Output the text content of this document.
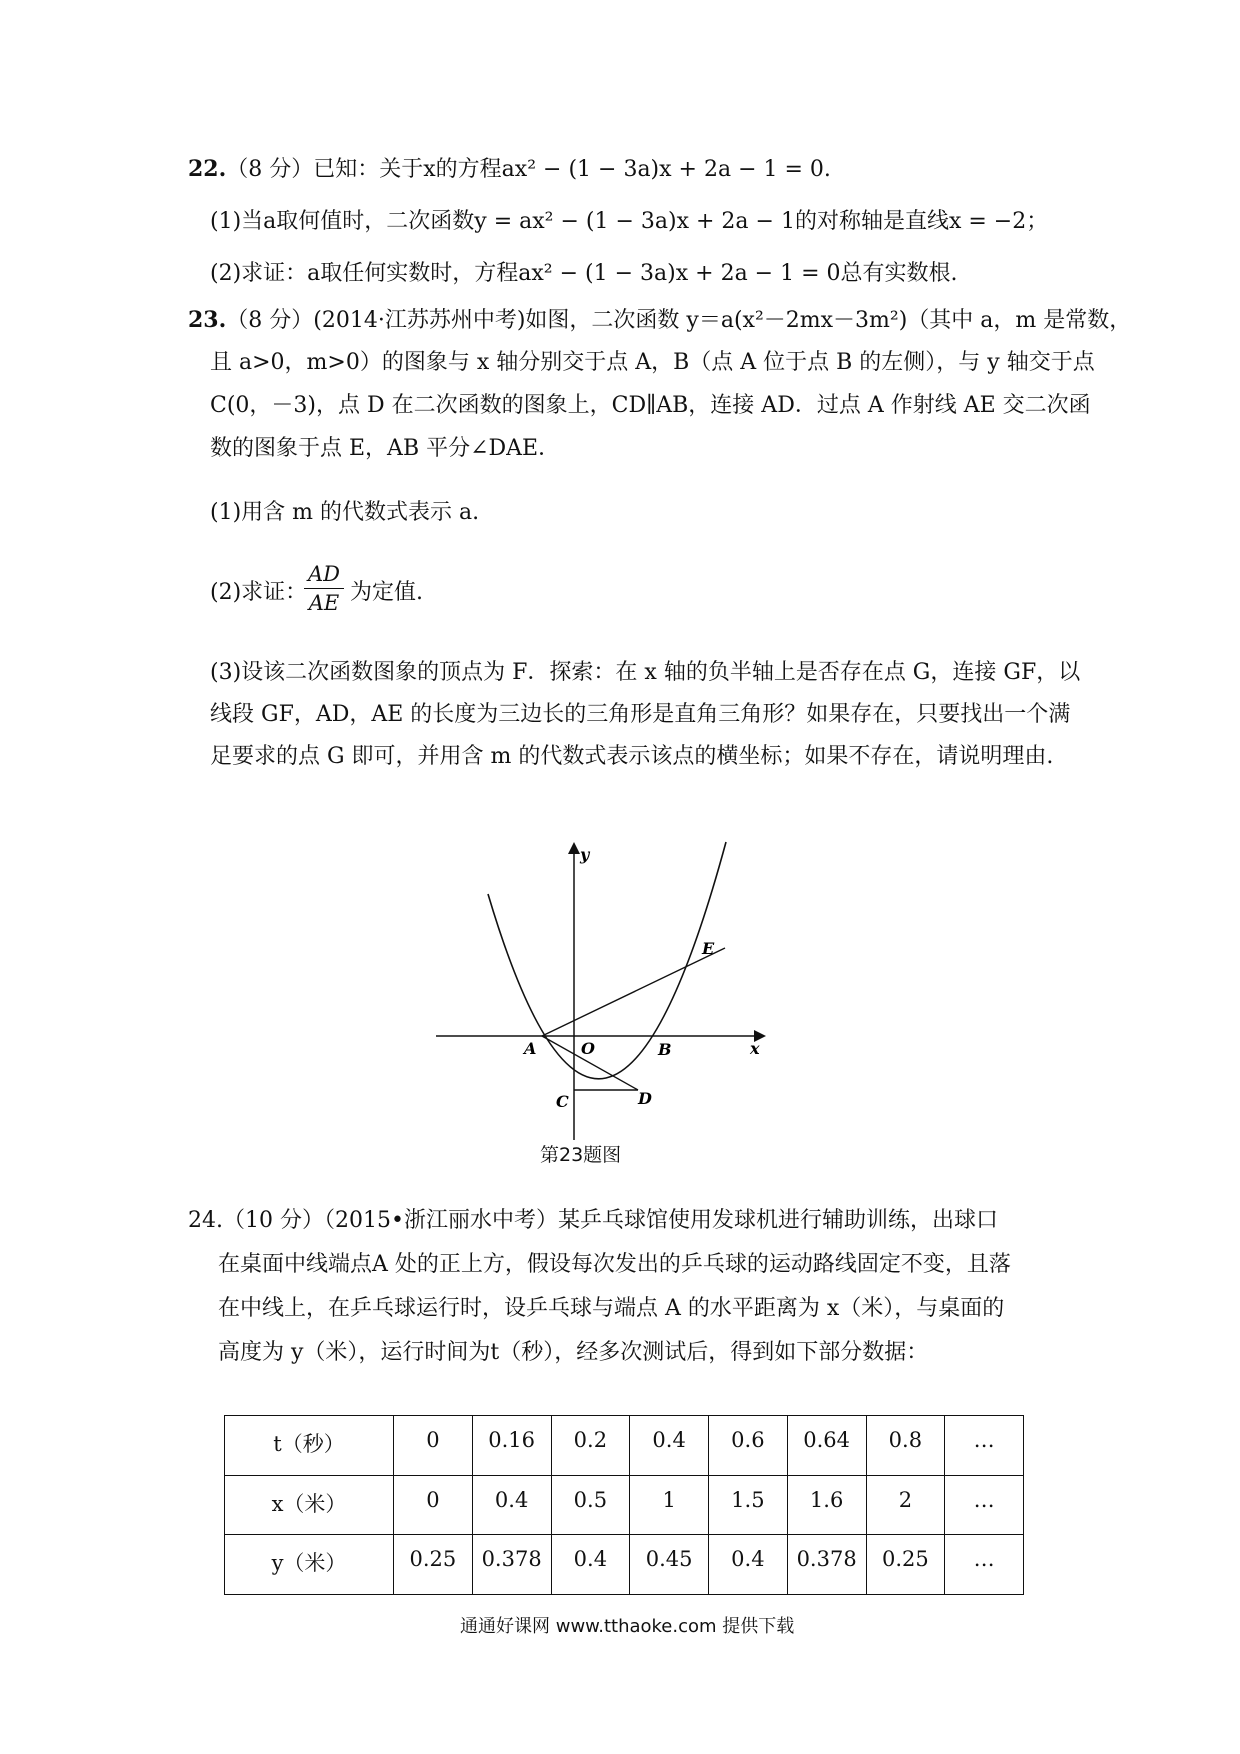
22.（8 分）已知：关于x的方程ax² − (1 − 3a)x + 2a − 1 = 0.
(1)当a取何值时，二次函数y = ax² − (1 − 3a)x + 2a − 1的对称轴是直线x = −2；
(2)求证：a取任何实数时，方程ax² − (1 − 3a)x + 2a − 1 = 0总有实数根.
23.（8 分）(2014·江苏苏州中考)如图，二次函数 y＝a(x²－2mx－3m²)（其中 a，m 是常数，
且 a>0，m>0）的图象与 x 轴分别交于点 A，B（点 A 位于点 B 的左侧），与 y 轴交于点
C(0，－3)，点 D 在二次函数的图象上，CD∥AB，连接 AD．过点 A 作射线 AE 交二次函
数的图象于点 E，AB 平分∠DAE．
(1)用含 m 的代数式表示 a.
(2)求证：
AD
AE 为定值.
(3)设该二次函数图象的顶点为 F．探索：在 x 轴的负半轴上是否存在点 G，连接 GF，以
线段 GF，AD，AE 的长度为三边长的三角形是直角三角形？如果存在，只要找出一个满
足要求的点 G 即可，并用含 m 的代数式表示该点的横坐标；如果不存在，请说明理由.
y
x
A	O	B
C	D
E
第23题图
24.（10 分）（2015•浙江丽水中考）某乒乓球馆使用发球机进行辅助训练，出球口
在桌面中线端点A 处的正上方，假设每次发出的乒乓球的运动路线固定不变，且落
在中线上，在乒乓球运行时，设乒乓球与端点 A 的水平距离为 x（米），与桌面的
高度为 y（米），运行时间为t（秒），经多次测试后，得到如下部分数据：
t（秒）	0	0.16	0.2	0.4	0.6	0.64	0.8	…
x（米）	0	0.4	0.5	1	1.5	1.6	2	…
y（米）	0.25	0.378	0.4	0.45	0.4	0.378	0.25	…
通通好课网 www.tthaoke.com 提供下载
